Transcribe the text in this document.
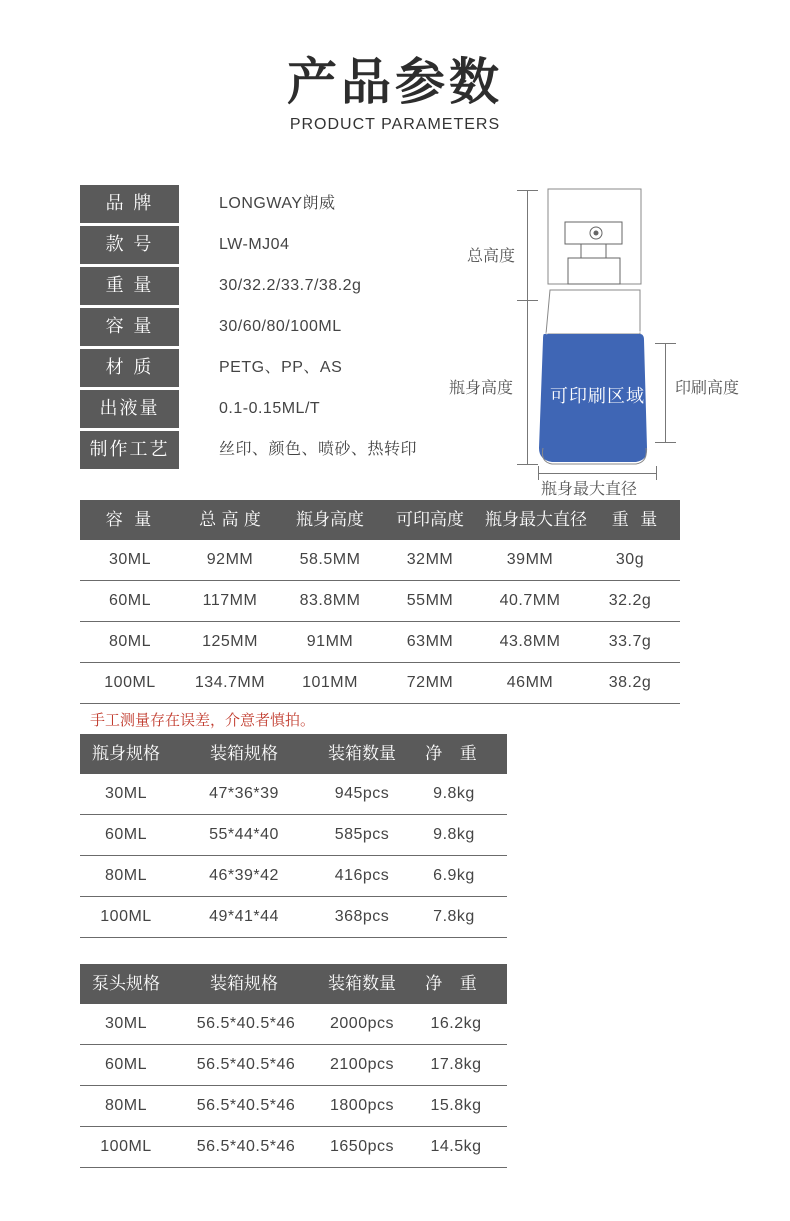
产品参数
PRODUCT PARAMETERS
品 牌	LONGWAY朗威
款 号	LW-MJ04
重 量	30/32.2/33.7/38.2g
容 量	30/60/80/100ML
材 质	PETG、PP、AS
出液量	0.1-0.15ML/T
制作工艺	丝印、颜色、喷砂、热转印
总高度
瓶身高度	印刷高度
可印刷区域
瓶身最大直径
容 量	总 高 度	瓶身高度	可印高度	瓶身最大直径	重 量
30ML	92MM	58.5MM	32MM	39MM	30g
60ML	117MM	83.8MM	55MM	40.7MM	32.2g
80ML	125MM	91MM	63MM	43.8MM	33.7g
100ML	134.7MM	101MM	72MM	46MM	38.2g
手工测量存在误差，介意者慎拍。
瓶身规格	装箱规格	装箱数量	净 重
30ML	47*36*39	945pcs	9.8kg
60ML	55*44*40	585pcs	9.8kg
80ML	46*39*42	416pcs	6.9kg
100ML	49*41*44	368pcs	7.8kg
泵头规格	装箱规格	装箱数量	净 重
30ML	56.5*40.5*46	2000pcs	16.2kg
60ML	56.5*40.5*46	2100pcs	17.8kg
80ML	56.5*40.5*46	1800pcs	15.8kg
100ML	56.5*40.5*46	1650pcs	14.5kg
